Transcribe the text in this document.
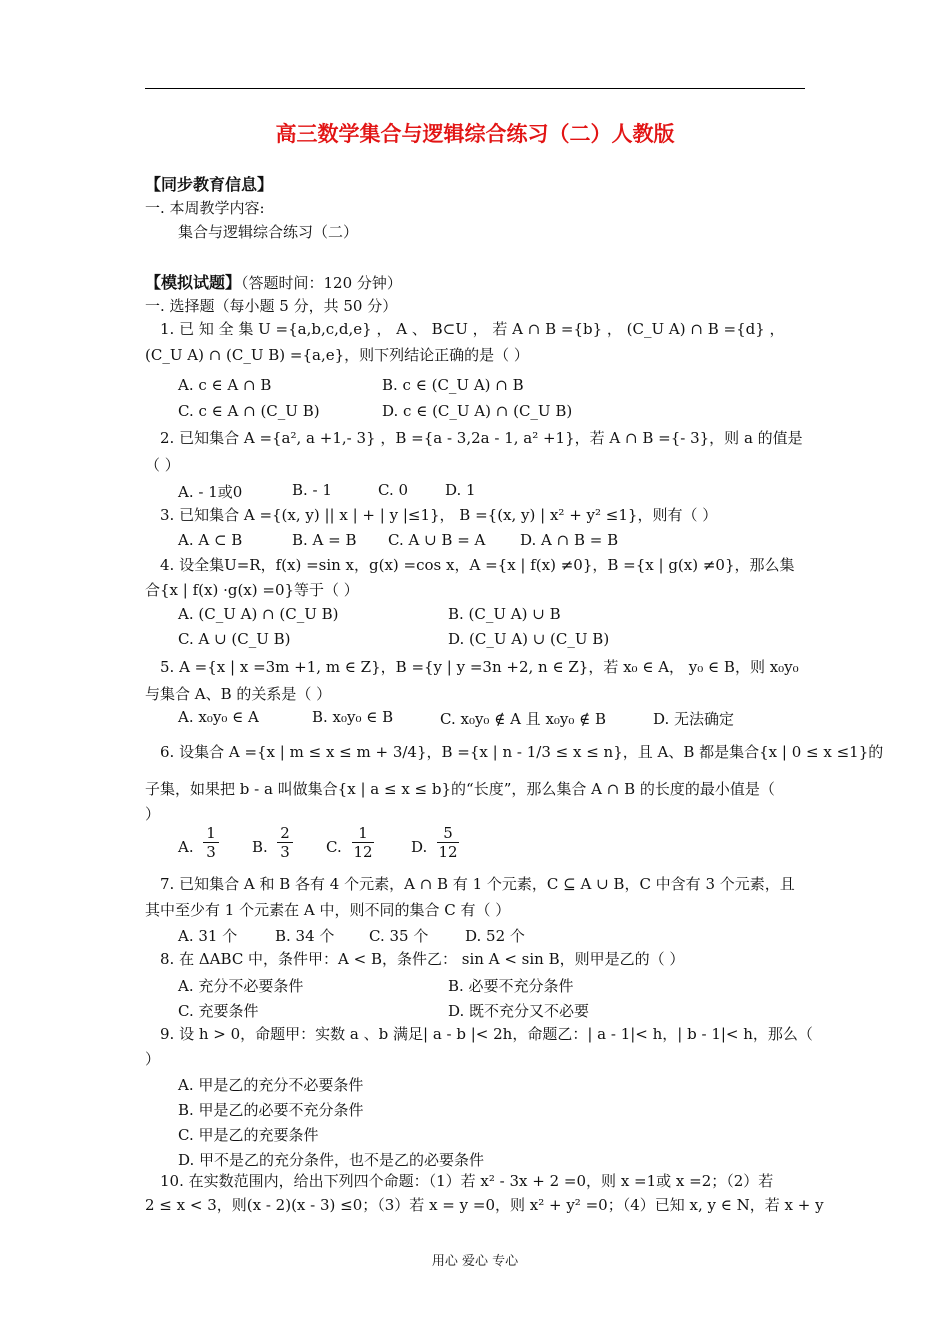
高三数学集合与逻辑综合练习（二）人教版
【同步教育信息】
一. 本周教学内容:
集合与逻辑综合练习（二）
【模拟试题】（答题时间：120 分钟）
一. 选择题（每小题 5 分，共 50 分）
1. 已 知 全 集 U ={a,b,c,d,e} ， A 、 B⊂U ， 若 A ∩ B ={b} ， (C_U A) ∩ B ={d} ，
(C_U A) ∩ (C_U B) ={a,e}，则下列结论正确的是（ ）
A. c ∈ A ∩ B	B. c ∈ (C_U A) ∩ B
C. c ∈ A ∩ (C_U B)	D. c ∈ (C_U A) ∩ (C_U B)
2. 已知集合 A ={a², a +1,- 3} ，B ={a - 3,2a - 1, a² +1}，若 A ∩ B ={- 3}，则 a 的值是
（ ）
A. - 1或0	B. - 1	C. 0 D. 1
3. 已知集合 A ={(x, y) || x | + | y |≤1}， B ={(x, y) | x² + y² ≤1}，则有（ ）
A. A ⊂ B	B. A = B C. A ∪ B = A D. A ∩ B = B
4. 设全集U=R，f(x) =sin x，g(x) =cos x，A ={x | f(x) ≠0}，B ={x | g(x) ≠0}，那么集
合{x | f(x) ·g(x) =0}等于（ ）
A. (C_U A) ∩ (C_U B)	B. (C_U A) ∪ B
C. A ∪ (C_U B)	D. (C_U A) ∪ (C_U B)
5. A ={x | x =3m +1, m ∈ Z}，B ={y | y =3n +2, n ∈ Z}，若 x₀ ∈ A， y₀ ∈ B，则 x₀y₀
与集合 A、B 的关系是（ ）
A. x₀y₀ ∈ A	B. x₀y₀ ∈ B	C. x₀y₀ ∉ A 且 x₀y₀ ∉ B	D. 无法确定
6. 设集合 A ={x | m ≤ x ≤ m + 3/4}，B ={x | n - 1/3 ≤ x ≤ n}，且 A、B 都是集合{x | 0 ≤ x ≤1}的
子集，如果把 b - a 叫做集合{x | a ≤ x ≤ b}的“长度”，那么集合 A ∩ B 的长度的最小值是（
）
A. $\frac{1}{3} B$. $\frac{2}{3} C$. $\frac{1}{12} D$. $\frac{5}{12}$
7. 已知集合 A 和 B 各有 4 个元素，A ∩ B 有 1 个元素，C ⊆ A ∪ B，C 中含有 3 个元素，且
其中至少有 1 个元素在 A 中，则不同的集合 C 有（ ）
A. 31 个	B. 34 个 C. 35 个 D. 52 个
8. 在 ΔABC 中，条件甲：A < B，条件乙： sin A < sin B，则甲是乙的（ ）
A. 充分不必要条件	B. 必要不充分条件
C. 充要条件	D. 既不充分又不必要
9. 设 h > 0，命题甲：实数 a 、b 满足| a - b |< 2h，命题乙：| a - 1|< h，| b - 1|< h，那么（
）
A. 甲是乙的充分不必要条件
B. 甲是乙的必要不充分条件
C. 甲是乙的充要条件
D. 甲不是乙的充分条件，也不是乙的必要条件
10. 在实数范围内，给出下列四个命题：（1）若 x² - 3x + 2 =0，则 x =1或 x =2；（2）若
2 ≤ x < 3，则(x - 2)(x - 3) ≤0；（3）若 x = y =0，则 x² + y² =0；（4）已知 x, y ∈ N，若 x + y
用心 爱心 专心
